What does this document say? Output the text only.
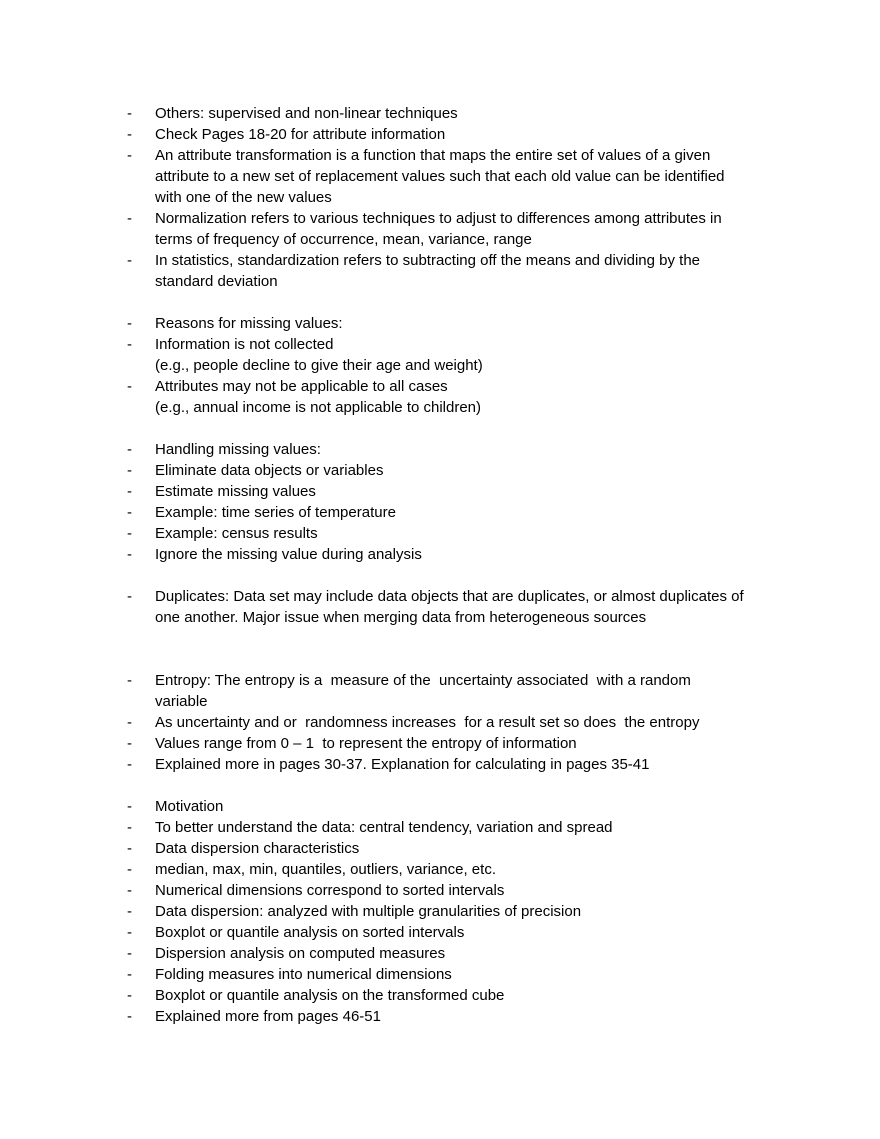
-	Others: supervised and non-linear techniques
-	Check Pages 18-20 for attribute information
-	An attribute transformation is a function that maps the entire set of values of a given
attribute to a new set of replacement values such that each old value can be identified
with one of the new values
-	Normalization refers to various techniques to adjust to differences among attributes in
terms of frequency of occurrence, mean, variance, range
-	In statistics, standardization refers to subtracting off the means and dividing by the
standard deviation
-	Reasons for missing values:
-	Information is not collected
(e.g., people decline to give their age and weight)
-	Attributes may not be applicable to all cases
(e.g., annual income is not applicable to children)
-	Handling missing values:
-	Eliminate data objects or variables
-	Estimate missing values
-	Example: time series of temperature
-	Example: census results
-	Ignore the missing value during analysis
-	Duplicates: Data set may include data objects that are duplicates, or almost duplicates of
one another. Major issue when merging data from heterogeneous sources
-	Entropy: The entropy is a  measure of the  uncertainty associated  with a random
variable
-	As uncertainty and or  randomness increases  for a result set so does  the entropy
-	Values range from 0 – 1  to represent the entropy of information
-	Explained more in pages 30-37. Explanation for calculating in pages 35-41
-	Motivation
-	To better understand the data: central tendency, variation and spread
-	Data dispersion characteristics
-	median, max, min, quantiles, outliers, variance, etc.
-	Numerical dimensions correspond to sorted intervals
-	Data dispersion: analyzed with multiple granularities of precision
-	Boxplot or quantile analysis on sorted intervals
-	Dispersion analysis on computed measures
-	Folding measures into numerical dimensions
-	Boxplot or quantile analysis on the transformed cube
-	Explained more from pages 46-51
